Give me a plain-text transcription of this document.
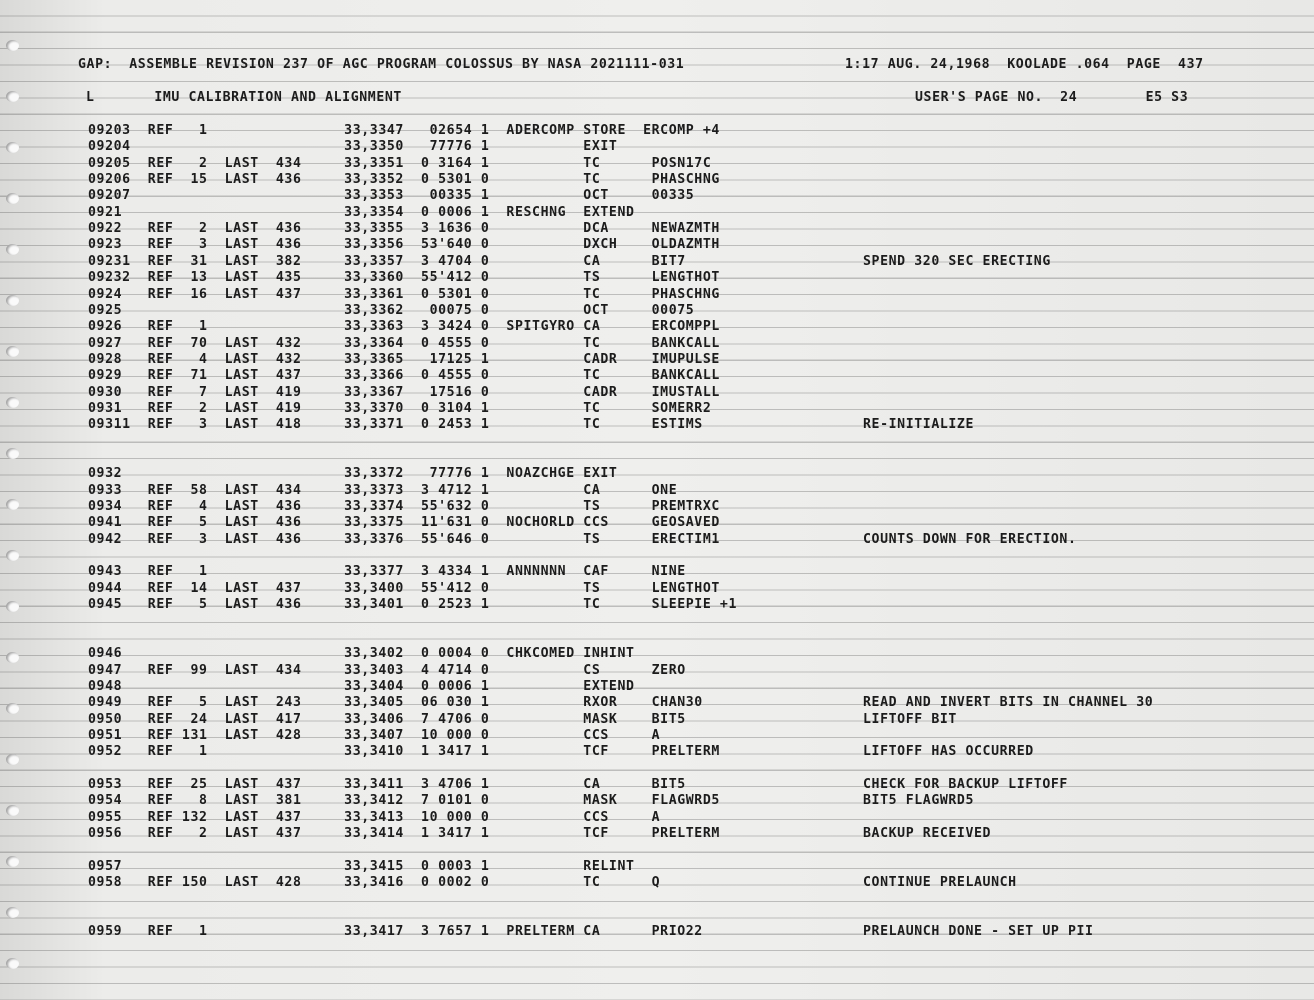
GAP:  ASSEMBLE REVISION 237 OF AGC PROGRAM COLOSSUS BY NASA 2021111-031	1:17 AUG. 24,1968  KOOLADE .064  PAGE  437
L       IMU CALIBRATION AND ALIGNMENT	USER'S PAGE NO.  24        E5 S3
09203  REF   1                33,3347   02654 1  ADERCOMP STORE  ERCOMP +4
09204                         33,3350   77776 1           EXIT
09205  REF   2  LAST  434     33,3351  0 3164 1           TC      POSN17C
09206  REF  15  LAST  436     33,3352  0 5301 0           TC      PHASCHNG
09207                         33,3353   00335 1           OCT     00335
0921                          33,3354  0 0006 1  RESCHNG  EXTEND
0922   REF   2  LAST  436     33,3355  3 1636 0           DCA     NEWAZMTH
0923   REF   3  LAST  436     33,3356  53'640 0           DXCH    OLDAZMTH
09231  REF  31  LAST  382     33,3357  3 4704 0           CA      BIT7	SPEND 320 SEC ERECTING
09232  REF  13  LAST  435     33,3360  55'412 0           TS      LENGTHOT
0924   REF  16  LAST  437     33,3361  0 5301 0           TC      PHASCHNG
0925                          33,3362   00075 0           OCT     00075
0926   REF   1                33,3363  3 3424 0  SPITGYRO CA      ERCOMPPL
0927   REF  70  LAST  432     33,3364  0 4555 0           TC      BANKCALL
0928   REF   4  LAST  432     33,3365   17125 1           CADR    IMUPULSE
0929   REF  71  LAST  437     33,3366  0 4555 0           TC      BANKCALL
0930   REF   7  LAST  419     33,3367   17516 0           CADR    IMUSTALL
0931   REF   2  LAST  419     33,3370  0 3104 1           TC      SOMERR2
09311  REF   3  LAST  418     33,3371  0 2453 1           TC      ESTIMS	RE-INITIALIZE
0932                          33,3372   77776 1  NOAZCHGE EXIT
0933   REF  58  LAST  434     33,3373  3 4712 1           CA      ONE
0934   REF   4  LAST  436     33,3374  55'632 0           TS      PREMTRXC
0941   REF   5  LAST  436     33,3375  11'631 0  NOCHORLD CCS     GEOSAVED
0942   REF   3  LAST  436     33,3376  55'646 0           TS      ERECTIM1	COUNTS DOWN FOR ERECTION.
0943   REF   1                33,3377  3 4334 1  ANNNNNN  CAF     NINE
0944   REF  14  LAST  437     33,3400  55'412 0           TS      LENGTHOT
0945   REF   5  LAST  436     33,3401  0 2523 1           TC      SLEEPIE +1
0946                          33,3402  0 0004 0  CHKCOMED INHINT
0947   REF  99  LAST  434     33,3403  4 4714 0           CS      ZERO
0948                          33,3404  0 0006 1           EXTEND
0949   REF   5  LAST  243     33,3405  06 030 1           RXOR    CHAN30	READ AND INVERT BITS IN CHANNEL 30
0950   REF  24  LAST  417     33,3406  7 4706 0           MASK    BIT5	LIFTOFF BIT
0951   REF 131  LAST  428     33,3407  10 000 0           CCS     A
0952   REF   1                33,3410  1 3417 1           TCF     PRELTERM	LIFTOFF HAS OCCURRED
0953   REF  25  LAST  437     33,3411  3 4706 1           CA      BIT5	CHECK FOR BACKUP LIFTOFF
0954   REF   8  LAST  381     33,3412  7 0101 0           MASK    FLAGWRD5	BIT5 FLAGWRD5
0955   REF 132  LAST  437     33,3413  10 000 0           CCS     A
0956   REF   2  LAST  437     33,3414  1 3417 1           TCF     PRELTERM	BACKUP RECEIVED
0957                          33,3415  0 0003 1           RELINT
0958   REF 150  LAST  428     33,3416  0 0002 0           TC      Q	CONTINUE PRELAUNCH
0959   REF   1                33,3417  3 7657 1  PRELTERM CA      PRIO22	PRELAUNCH DONE - SET UP PII
